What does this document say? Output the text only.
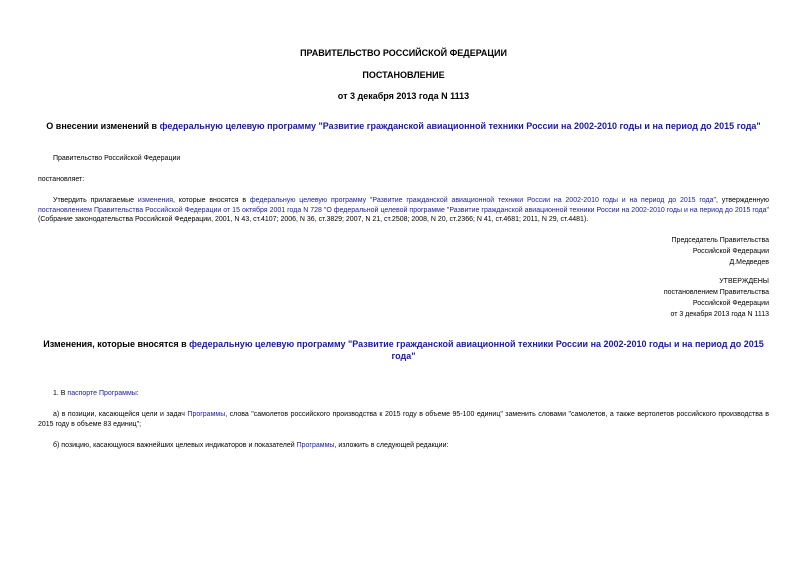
ПРАВИТЕЛЬСТВО РОССИЙСКОЙ ФЕДЕРАЦИИ
ПОСТАНОВЛЕНИЕ
от 3 декабря 2013 года N 1113
О внесении изменений в федеральную целевую программу "Развитие гражданской авиационной техники России на 2002-2010 годы и на период до 2015 года"
Правительство Российской Федерации
постановляет:
Утвердить прилагаемые изменения, которые вносятся в федеральную целевую программу "Развитие гражданской авиационной техники России на 2002-2010 годы и на период до 2015 года", утвержденную постановлением Правительства Российской Федерации от 15 октября 2001 года N 728 "О федеральной целевой программе "Развитие гражданской авиационной техники России на 2002-2010 годы и на период до 2015 года" (Собрание законодательства Российской Федерации, 2001, N 43, ст.4107; 2006, N 36, ст.3829; 2007, N 21, ст.2508; 2008, N 20, ст.2366; N 41, ст.4681; 2011, N 29, ст.4481).
Председатель Правительства
Российской Федерации
Д.Медведев
УТВЕРЖДЕНЫ
постановлением Правительства
Российской Федерации
от 3 декабря 2013 года N 1113
Изменения, которые вносятся в федеральную целевую программу "Развитие гражданской авиационной техники России на 2002-2010 годы и на период до 2015 года"
1. В паспорте Программы:
а) в позиции, касающейся цели и задач Программы, слова "самолетов российского производства к 2015 году в объеме 95-100 единиц" заменить словами "самолетов, а также вертолетов российского производства в 2015 году в объеме 83 единиц";
б) позицию, касающуюся важнейших целевых индикаторов и показателей Программы, изложить в следующей редакции:
